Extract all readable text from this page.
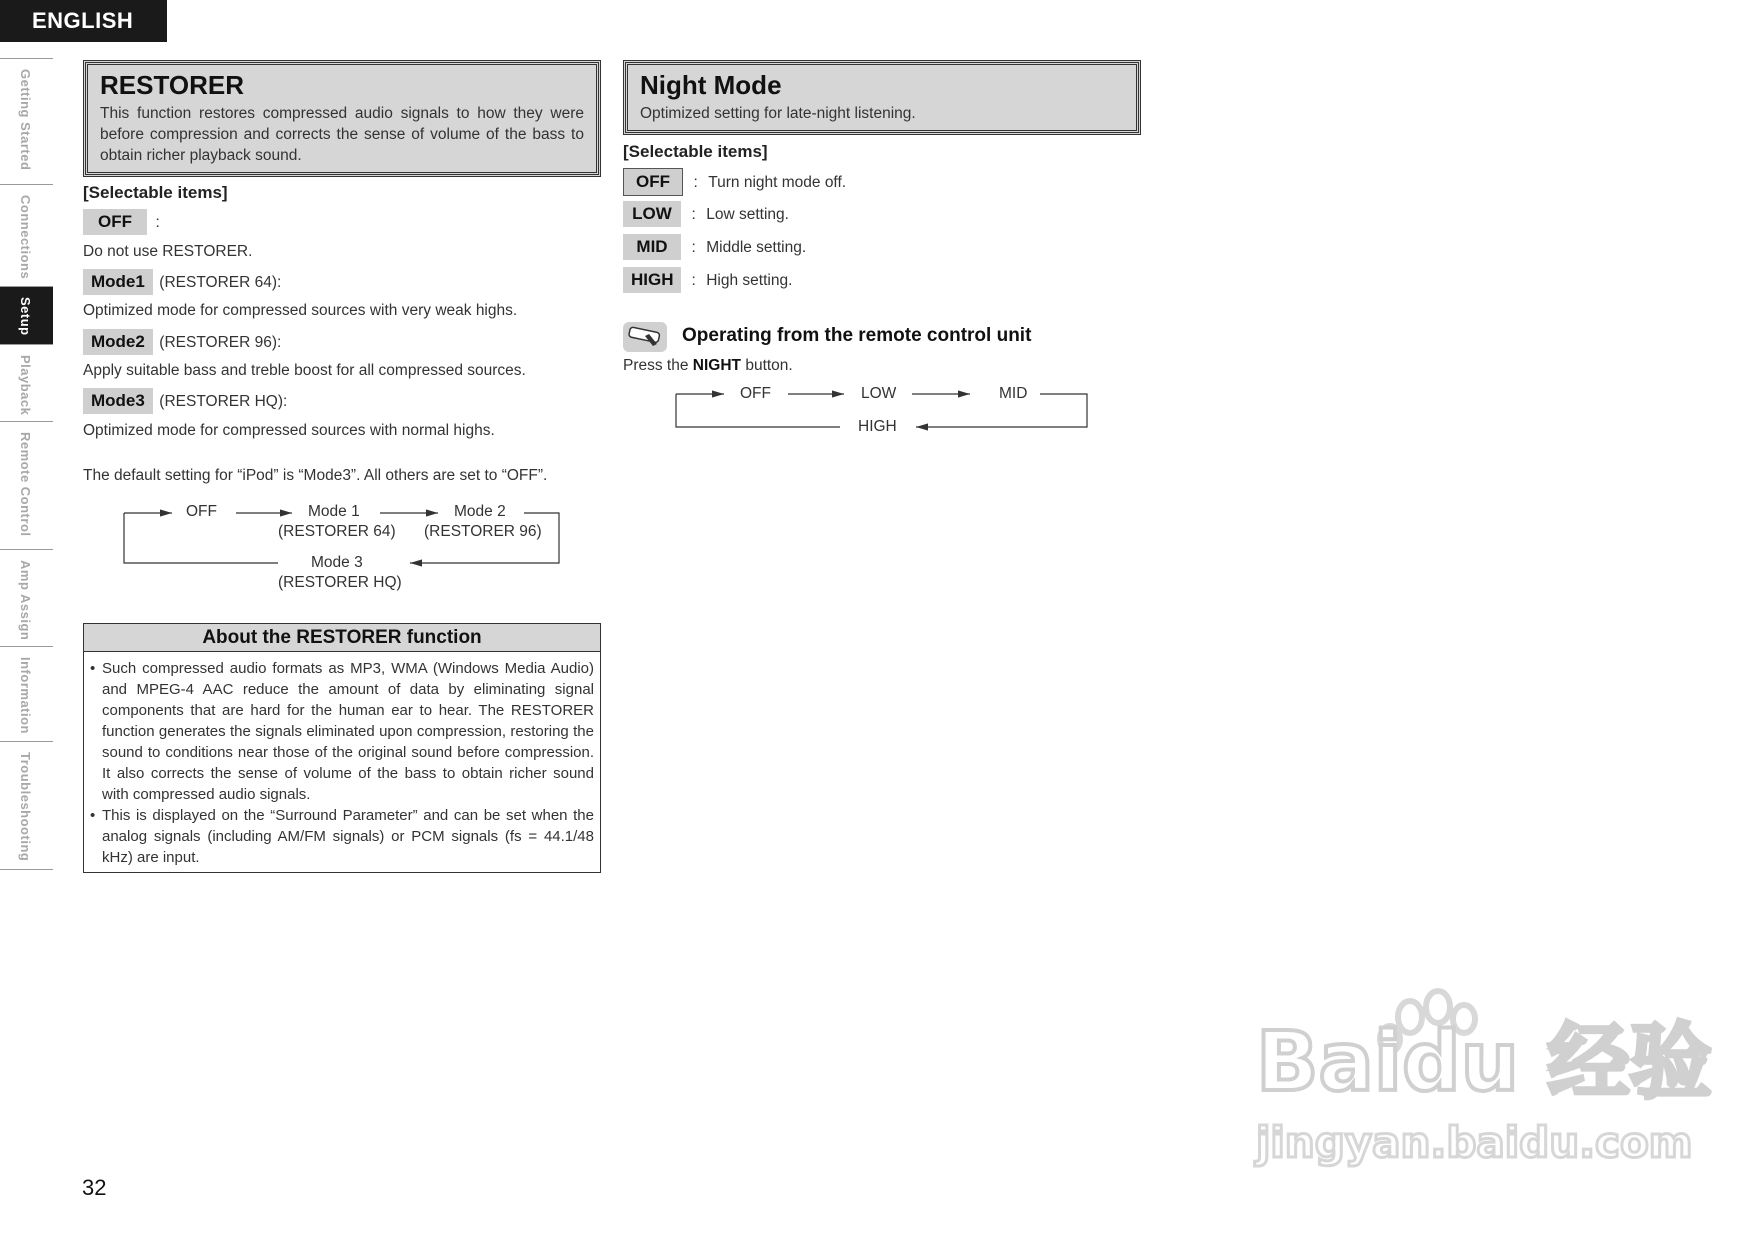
ENGLISH
Getting Started
Connections
Setup
Playback
Remote Control
Amp Assign
Information
Troubleshooting
RESTORER

This function restores compressed audio signals to how they were before compression and corrects the sense of volume of the bass to obtain richer playback sound.

[Selectable items]
OFF :
Do not use RESTORER.
Mode1 (RESTORER 64):
Optimized mode for compressed sources with very weak highs.
Mode2 (RESTORER 96):
Apply suitable bass and treble boost for all compressed sources.
Mode3 (RESTORER HQ):
Optimized mode for compressed sources with normal highs.
The default setting for “iPod” is “Mode3”. All others are set to “OFF”.
OFF	Mode 1
(RESTORER 64)
Mode 2
(RESTORER 96)
Mode 3
(RESTORER HQ)
About the RESTORER function
• Such compressed audio formats as MP3, WMA (Windows Media Audio) and MPEG-4 AAC reduce the amount of data by eliminating signal components that are hard for the human ear to hear. The RESTORER function generates the signals eliminated upon compression, restoring the sound to conditions near those of the original sound before compression. It also corrects the sense of volume of the bass to obtain richer sound with compressed audio signals.
• This is displayed on the “Surround Parameter” and can be set when the analog signals (including AM/FM signals) or PCM signals (fs = 44.1/48 kHz) are input.
Night Mode

Optimized setting for late-night listening.

[Selectable items]
OFF : Turn night mode off.
LOW : Low setting.
MID : Middle setting.
HIGH : High setting.
Operating from the remote control unit
Press the NIGHT button.
OFF	LOW	MID
HIGH
32
Baidu 经验
jingyan.baidu.com
